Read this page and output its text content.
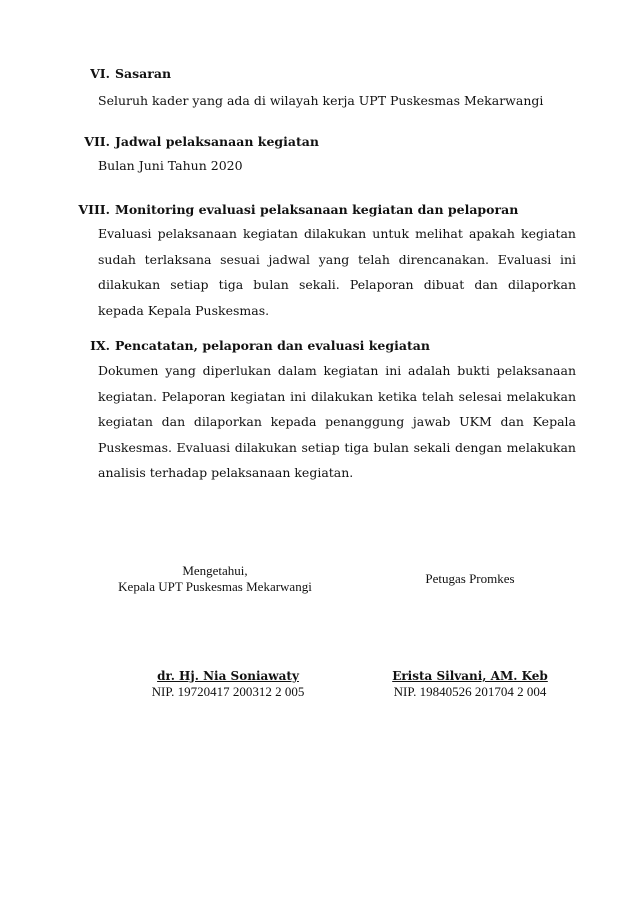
VI. Sasaran
Seluruh kader yang ada di wilayah kerja UPT Puskesmas Mekarwangi
VII. Jadwal pelaksanaan kegiatan
Bulan Juni Tahun 2020
VIII. Monitoring evaluasi pelaksanaan kegiatan dan pelaporan
Evaluasi pelaksanaan kegiatan dilakukan untuk melihat apakah kegiatan sudah terlaksana sesuai jadwal yang telah direncanakan. Evaluasi ini dilakukan setiap tiga bulan sekali. Pelaporan dibuat dan dilaporkan kepada Kepala Puskesmas.
IX. Pencatatan, pelaporan dan evaluasi kegiatan
Dokumen yang diperlukan dalam kegiatan ini adalah bukti pelaksanaan kegiatan. Pelaporan kegiatan ini dilakukan ketika telah selesai melakukan kegiatan dan dilaporkan kepada penanggung jawab UKM dan Kepala Puskesmas. Evaluasi dilakukan setiap tiga bulan sekali dengan melakukan analisis terhadap pelaksanaan kegiatan.
Mengetahui,
Kepala UPT Puskesmas Mekarwangi
dr. Hj. Nia Soniawaty
NIP. 19720417 200312 2 005
Petugas Promkes
Erista Silvani, AM. Keb
NIP. 19840526 201704 2 004
